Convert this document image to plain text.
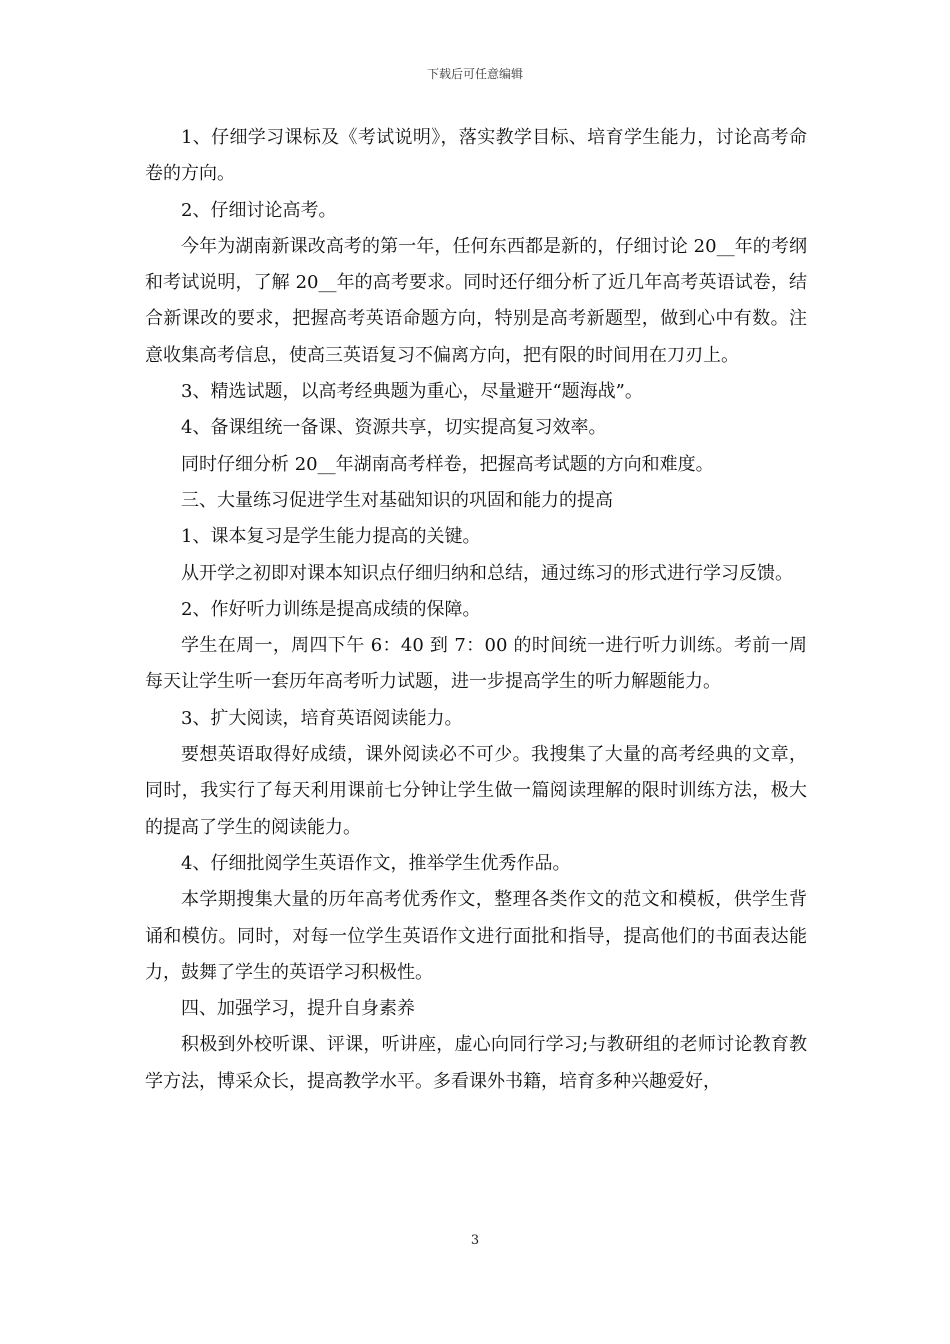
下载后可任意编辑

1、仔细学习课标及《考试说明》，落实教学目标、培育学生能力，讨论高考命卷的方向。

2、仔细讨论高考。

今年为湖南新课改高考的第一年，任何东西都是新的，仔细讨论 20__年的考纲和考试说明，了解 20__年的高考要求。同时还仔细分析了近几年高考英语试卷，结合新课改的要求，把握高考英语命题方向，特别是高考新题型，做到心中有数。注意收集高考信息，使高三英语复习不偏离方向，把有限的时间用在刀刃上。

3、精选试题，以高考经典题为重心，尽量避开“题海战”。

4、备课组统一备课、资源共享，切实提高复习效率。

同时仔细分析 20__年湖南高考样卷，把握高考试题的方向和难度。

三、大量练习促进学生对基础知识的巩固和能力的提高

1、课本复习是学生能力提高的关键。

从开学之初即对课本知识点仔细归纳和总结，通过练习的形式进行学习反馈。

2、作好听力训练是提高成绩的保障。

学生在周一，周四下午 6：40 到 7：00 的时间统一进行听力训练。考前一周每天让学生听一套历年高考听力试题，进一步提高学生的听力解题能力。

3、扩大阅读，培育英语阅读能力。

要想英语取得好成绩，课外阅读必不可少。我搜集了大量的高考经典的文章，同时，我实行了每天利用课前七分钟让学生做一篇阅读理解的限时训练方法，极大的提高了学生的阅读能力。

4、仔细批阅学生英语作文，推举学生优秀作品。

本学期搜集大量的历年高考优秀作文，整理各类作文的范文和模板，供学生背诵和模仿。同时，对每一位学生英语作文进行面批和指导，提高他们的书面表达能力，鼓舞了学生的英语学习积极性。

四、加强学习，提升自身素养

积极到外校听课、评课，听讲座，虚心向同行学习;与教研组的老师讨论教育教学方法，博采众长，提高教学水平。多看课外书籍，培育多种兴趣爱好，

3
